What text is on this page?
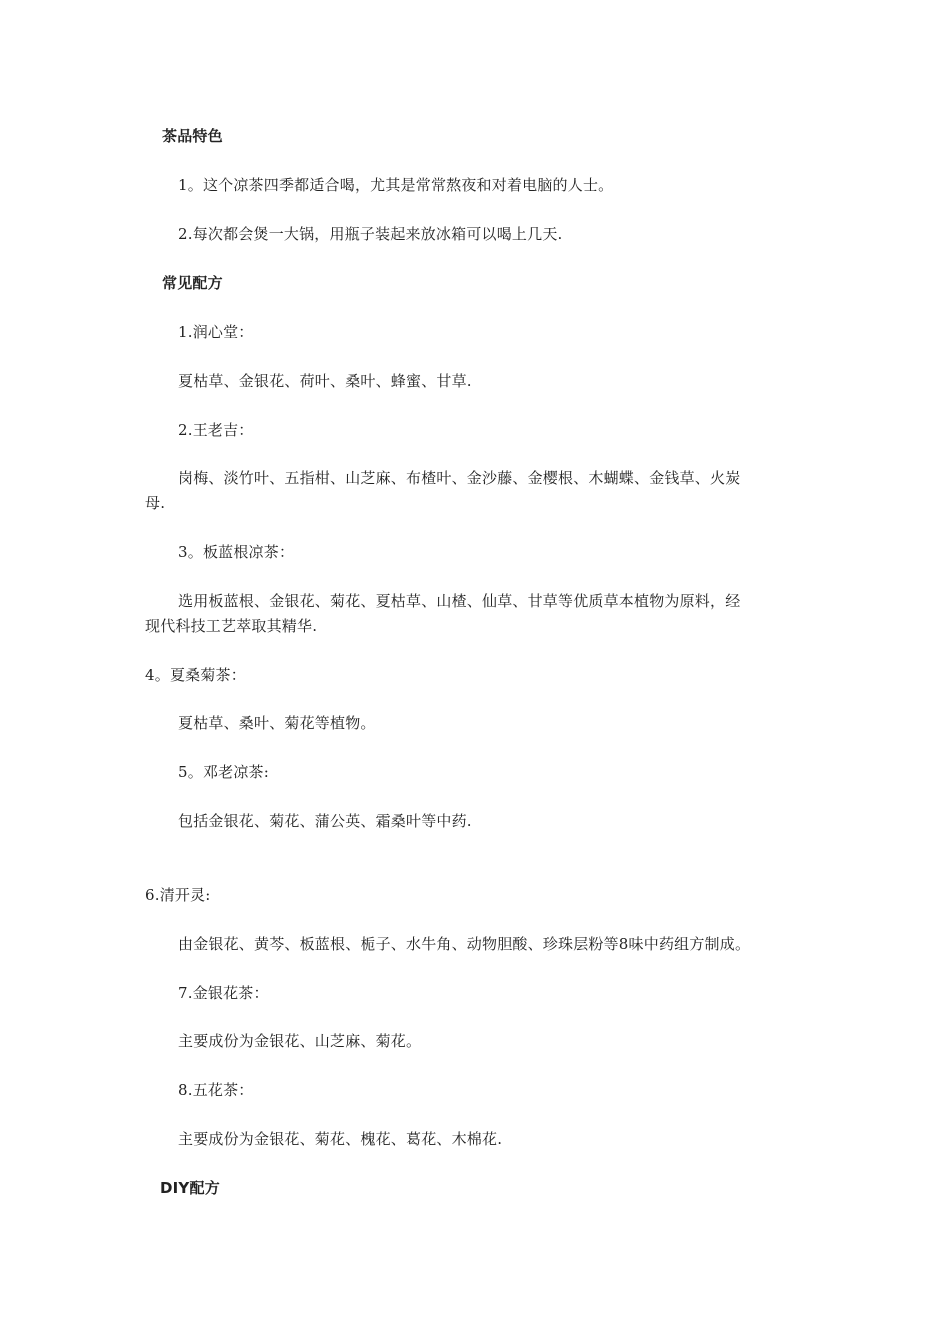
茶品特色
1。这个凉茶四季都适合喝，尤其是常常熬夜和对着电脑的人士。
2.每次都会煲一大锅，用瓶子装起来放冰箱可以喝上几天.
常见配方
1.润心堂：
夏枯草、金银花、荷叶、桑叶、蜂蜜、甘草.
2.王老吉：
岗梅、淡竹叶、五指柑、山芝麻、布楂叶、金沙藤、金樱根、木蝴蝶、金钱草、火炭
母.
3。板蓝根凉茶：
选用板蓝根、金银花、菊花、夏枯草、山楂、仙草、甘草等优质草本植物为原料，经
现代科技工艺萃取其精华.
4。夏桑菊茶：
夏枯草、桑叶、菊花等植物。
5。邓老凉茶:
包括金银花、菊花、蒲公英、霜桑叶等中药.
6.清开灵:
由金银花、黄芩、板蓝根、栀子、水牛角、动物胆酸、珍珠层粉等8味中药组方制成。
7.金银花茶：
主要成份为金银花、山芝麻、菊花。
8.五花茶：
主要成份为金银花、菊花、槐花、葛花、木棉花.
DIY配方
